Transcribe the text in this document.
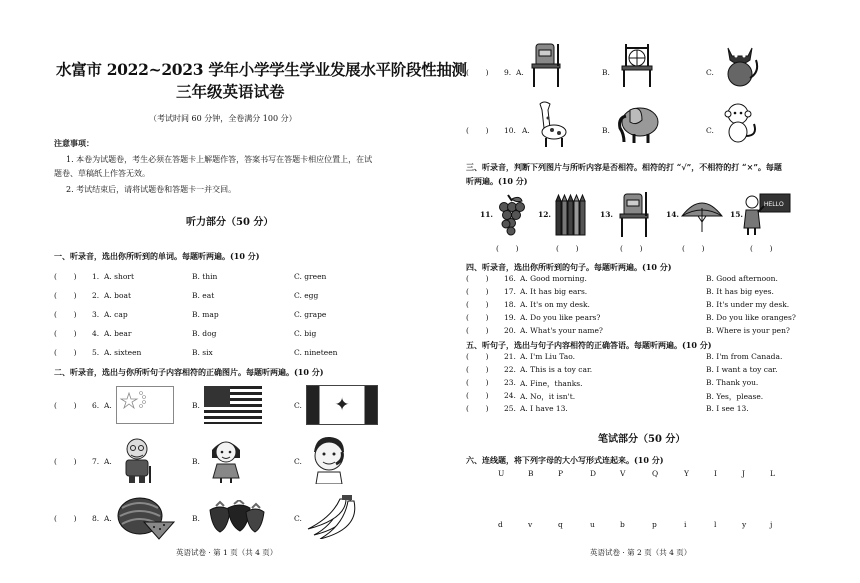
水富市 2022~2023 学年小学学生学业发展水平阶段性抽测
三年级英语试卷
（考试时间 60 分钟，全卷满分 100 分）
注意事项：
1. 本卷为试题卷，考生必须在答题卡上解题作答，答案书写在答题卡相应位置上，在试
题卷、草稿纸上作答无效。
2. 考试结束后，请将试题卷和答题卡一并交回。
听力部分（50 分）
一、听录音，选出你所听到的单词。每题听两遍。(10 分)
(       ) 1. A. short	B. thin	C. green
(       ) 2. A. boat	B. eat	C. egg
(       ) 3. A. cap	B. map	C. grape
(       ) 4. A. bear	B. dog	C. big
(       ) 5. A. sixteen	B. six	C. nineteen
二、听录音，选出与你所听句子内容相符的正确图片。每题听两遍。(10 分)
(       ) 6. A.	B.	C. ✦
(       ) 7. A.	B.	C.
(       ) 8. A.	B.	C.
英语试卷 · 第 1 页（共 4 页）
(       ) 9. A.	B.	C.
(       ) 10. A.	B.	C.
三、听录音，判断下列图片与所听内容是否相符。相符的打 “√”，不相符的打 “×”。每题
听两遍。(10 分)
11.	12.	13.	14.	15.
HELLO
(       )	(       )	(       )	(       )	(       )
四、听录音，选出你所听到的句子。每题听两遍。(10 分)
(       ) 16. A. Good morning.	B. Good afternoon.
(       ) 17. A. It has big ears.	B. It has big eyes.
(       ) 18. A. It's on my desk.	B. It's under my desk.
(       ) 19. A. Do you like pears?	B. Do you like oranges?
(       ) 20. A. What's your name?	B. Where is your pen?
五、听句子，选出与句子内容相符的正确答语。每题听两遍。(10 分)
(       ) 21. A. I'm Liu Tao.	B. I'm from Canada.
(       ) 22. A. This is a toy car.	B. I want a toy car.
(       ) 23. A. Fine，thanks.	B. Thank you.
(       ) 24. A. No，it isn't.	B. Yes，please.
(       ) 25. A. I have 13.	B. I see 13.
笔试部分（50 分）
六、连线题，将下列字母的大小写形式连起来。(10 分)
U	B	P	D	V	Q	Y	I	J	L
d	v	q	u	b	p	i	l	y	j
英语试卷 · 第 2 页（共 4 页）
